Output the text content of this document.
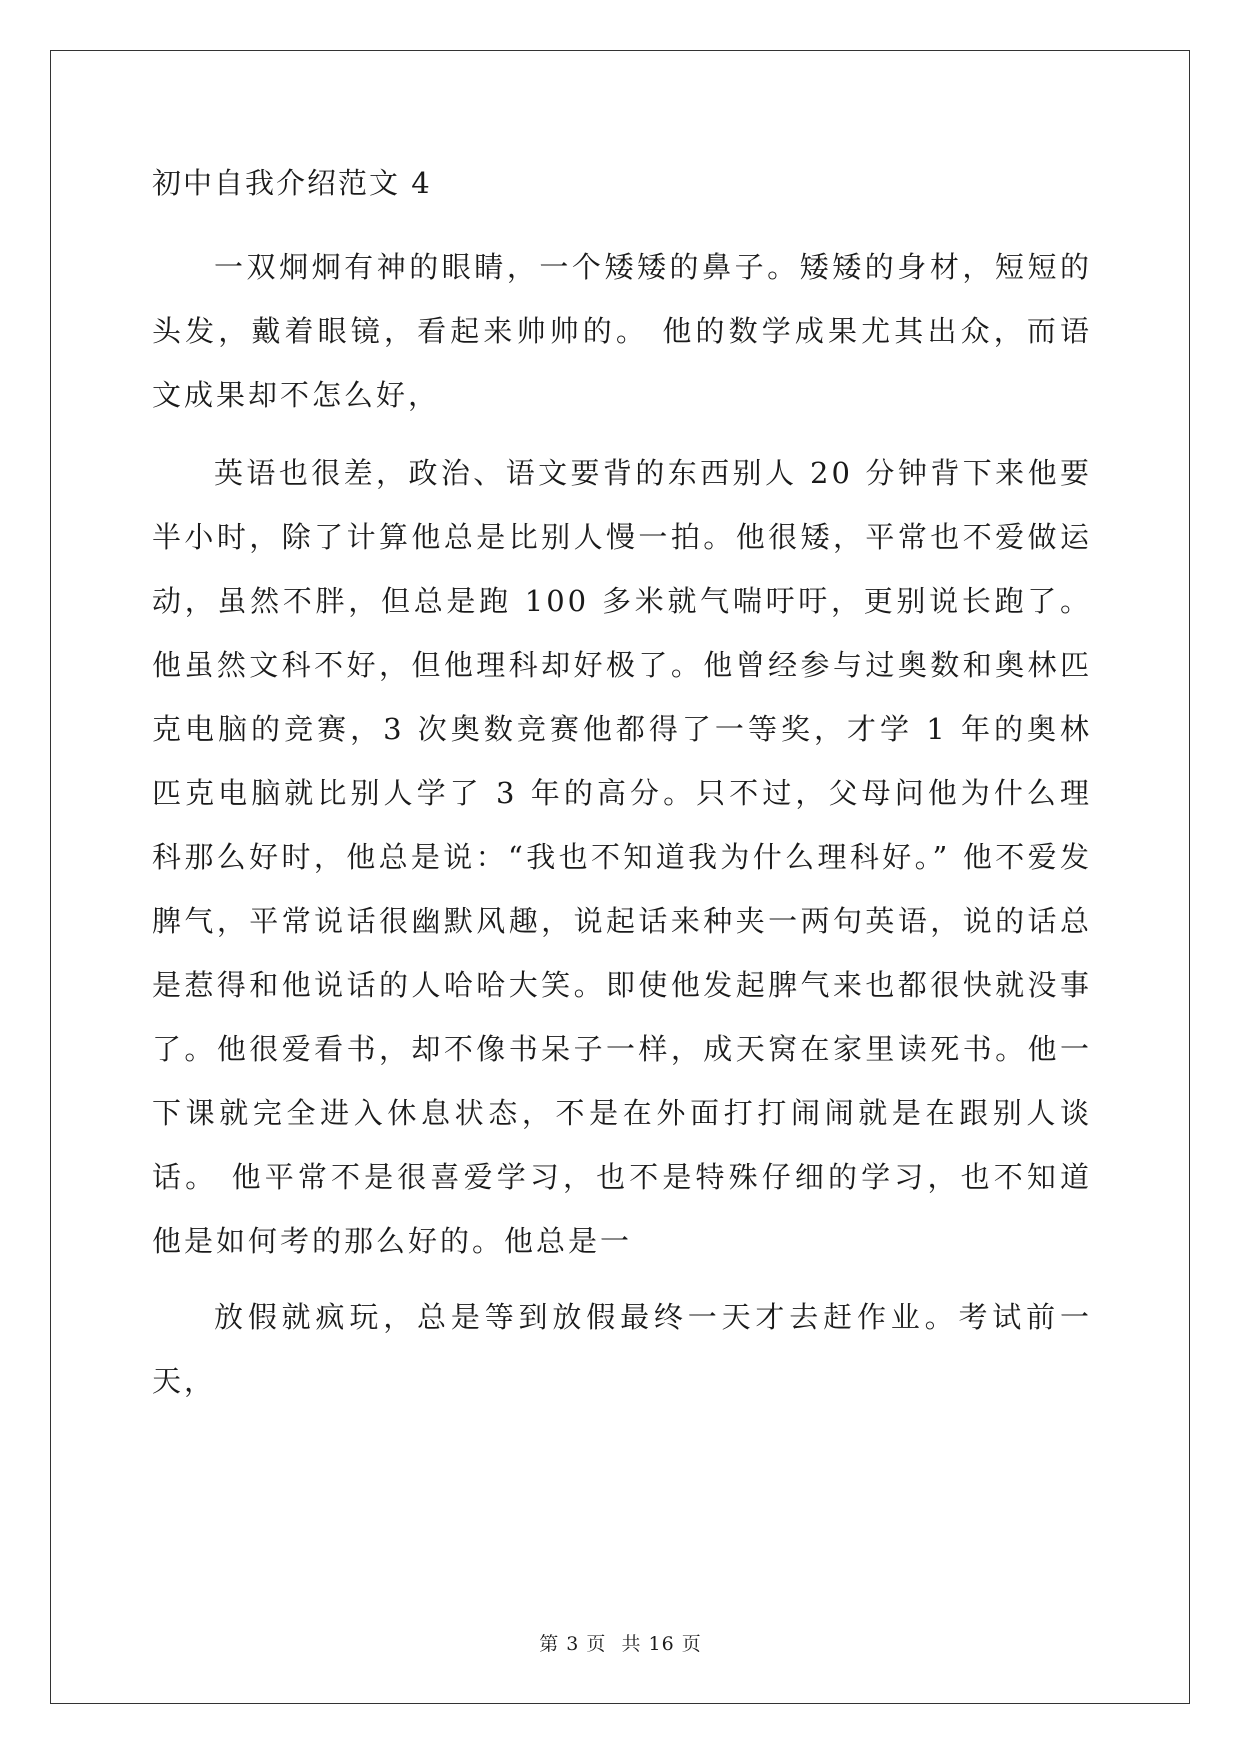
初中自我介绍范文 4

一双炯炯有神的眼睛，一个矮矮的鼻子。矮矮的身材，短短的头发，戴着眼镜，看起来帅帅的。 他的数学成果尤其出众，而语文成果却不怎么好，

英语也很差，政治、语文要背的东西别人 20 分钟背下来他要半小时，除了计算他总是比别人慢一拍。他很矮，平常也不爱做运动，虽然不胖，但总是跑 100 多米就气喘吁吁，更别说长跑了。 他虽然文科不好，但他理科却好极了。他曾经参与过奥数和奥林匹克电脑的竞赛，3 次奥数竞赛他都得了一等奖，才学 1 年的奥林匹克电脑就比别人学了 3 年的高分。只不过，父母问他为什么理科那么好时，他总是说：“我也不知道我为什么理科好。” 他不爱发脾气，平常说话很幽默风趣，说起话来种夹一两句英语，说的话总是惹得和他说话的人哈哈大笑。即使他发起脾气来也都很快就没事了。他很爱看书，却不像书呆子一样，成天窝在家里读死书。他一下课就完全进入休息状态，不是在外面打打闹闹就是在跟别人谈话。 他平常不是很喜爱学习，也不是特殊仔细的学习，也不知道他是如何考的那么好的。他总是一

放假就疯玩，总是等到放假最终一天才去赶作业。考试前一天，

第 3 页 共 16 页
